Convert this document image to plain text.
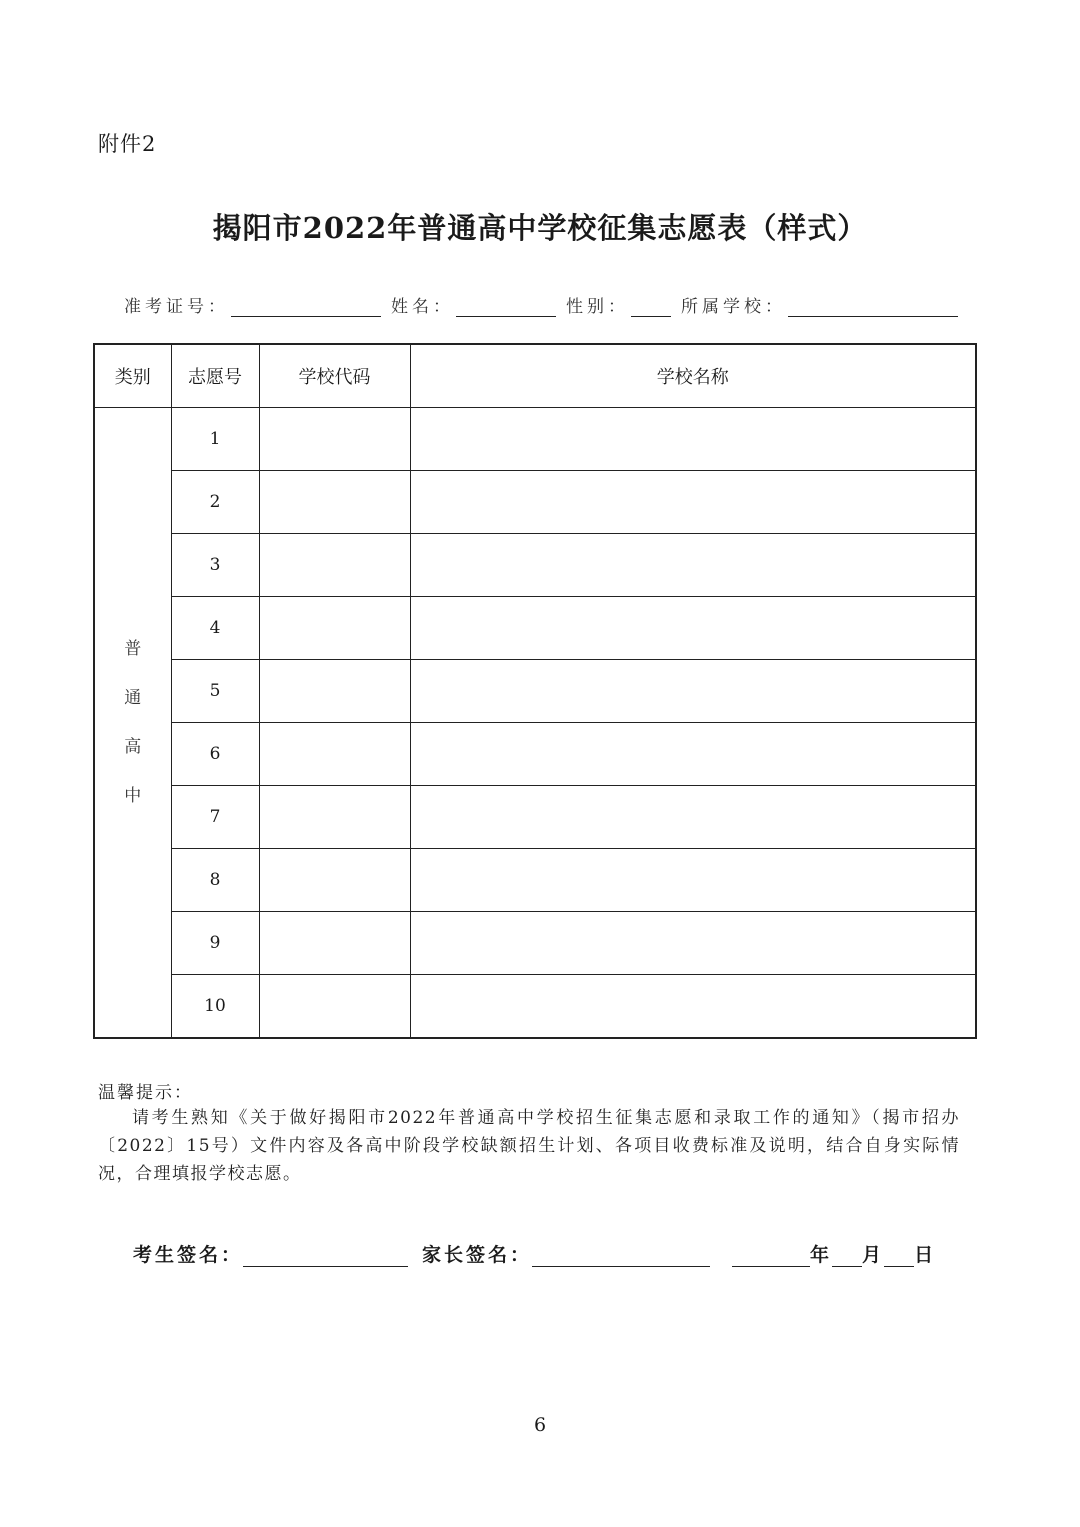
附件2
揭阳市2022年普通高中学校征集志愿表（样式）
准考证号：	姓名：	性别：	所属学校：
类别	志愿号	学校代码	学校名称
普通高中	1		
	2		
	3		
	4		
	5		
	6		
	7		
	8		
	9		
	10		
温馨提示：
请考生熟知《关于做好揭阳市2022年普通高中学校招生征集志愿和录取工作的通知》（揭市招办〔2022〕15号）文件内容及各高中阶段学校缺额招生计划、各项目收费标准及说明，结合自身实际情况，合理填报学校志愿。
考生签名：	家长签名：	年 月 日
6
